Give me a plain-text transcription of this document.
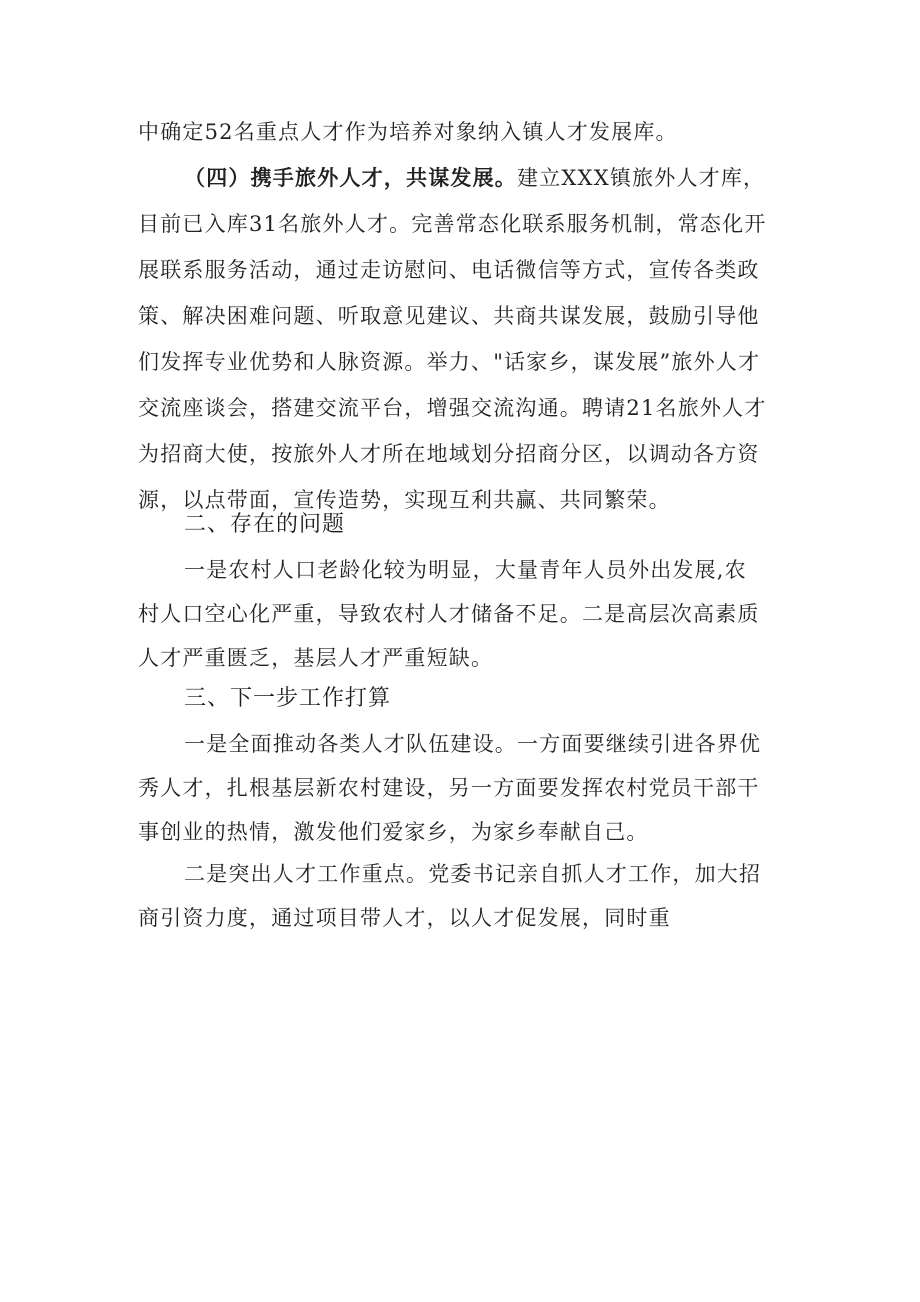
中确定52名重点人才作为培养对象纳入镇人才发展库。
（四）携手旅外人才，共谋发展。建立XXX镇旅外人才库，
目前已入库31名旅外人才。完善常态化联系服务机制，常态化开
展联系服务活动，通过走访慰问、电话微信等方式，宣传各类政
策、解决困难问题、听取意见建议、共商共谋发展，鼓励引导他
们发挥专业优势和人脉资源。举力、"话家乡，谋发展”旅外人才
交流座谈会，搭建交流平台，增强交流沟通。聘请21名旅外人才
为招商大使，按旅外人才所在地域划分招商分区，以调动各方资
源，以点带面，宣传造势，实现互利共赢、共同繁荣。
二、存在的问题
一是农村人口老龄化较为明显，大量青年人员外出发展,农
村人口空心化严重，导致农村人才储备不足。二是高层次高素质
人才严重匮乏，基层人才严重短缺。
三、下一步工作打算
一是全面推动各类人才队伍建设。一方面要继续引进各界优
秀人才，扎根基层新农村建设，另一方面要发挥农村党员干部干
事创业的热情，激发他们爱家乡，为家乡奉献自己。
二是突出人才工作重点。党委书记亲自抓人才工作，加大招
商引资力度，通过项目带人才，以人才促发展，同时重
